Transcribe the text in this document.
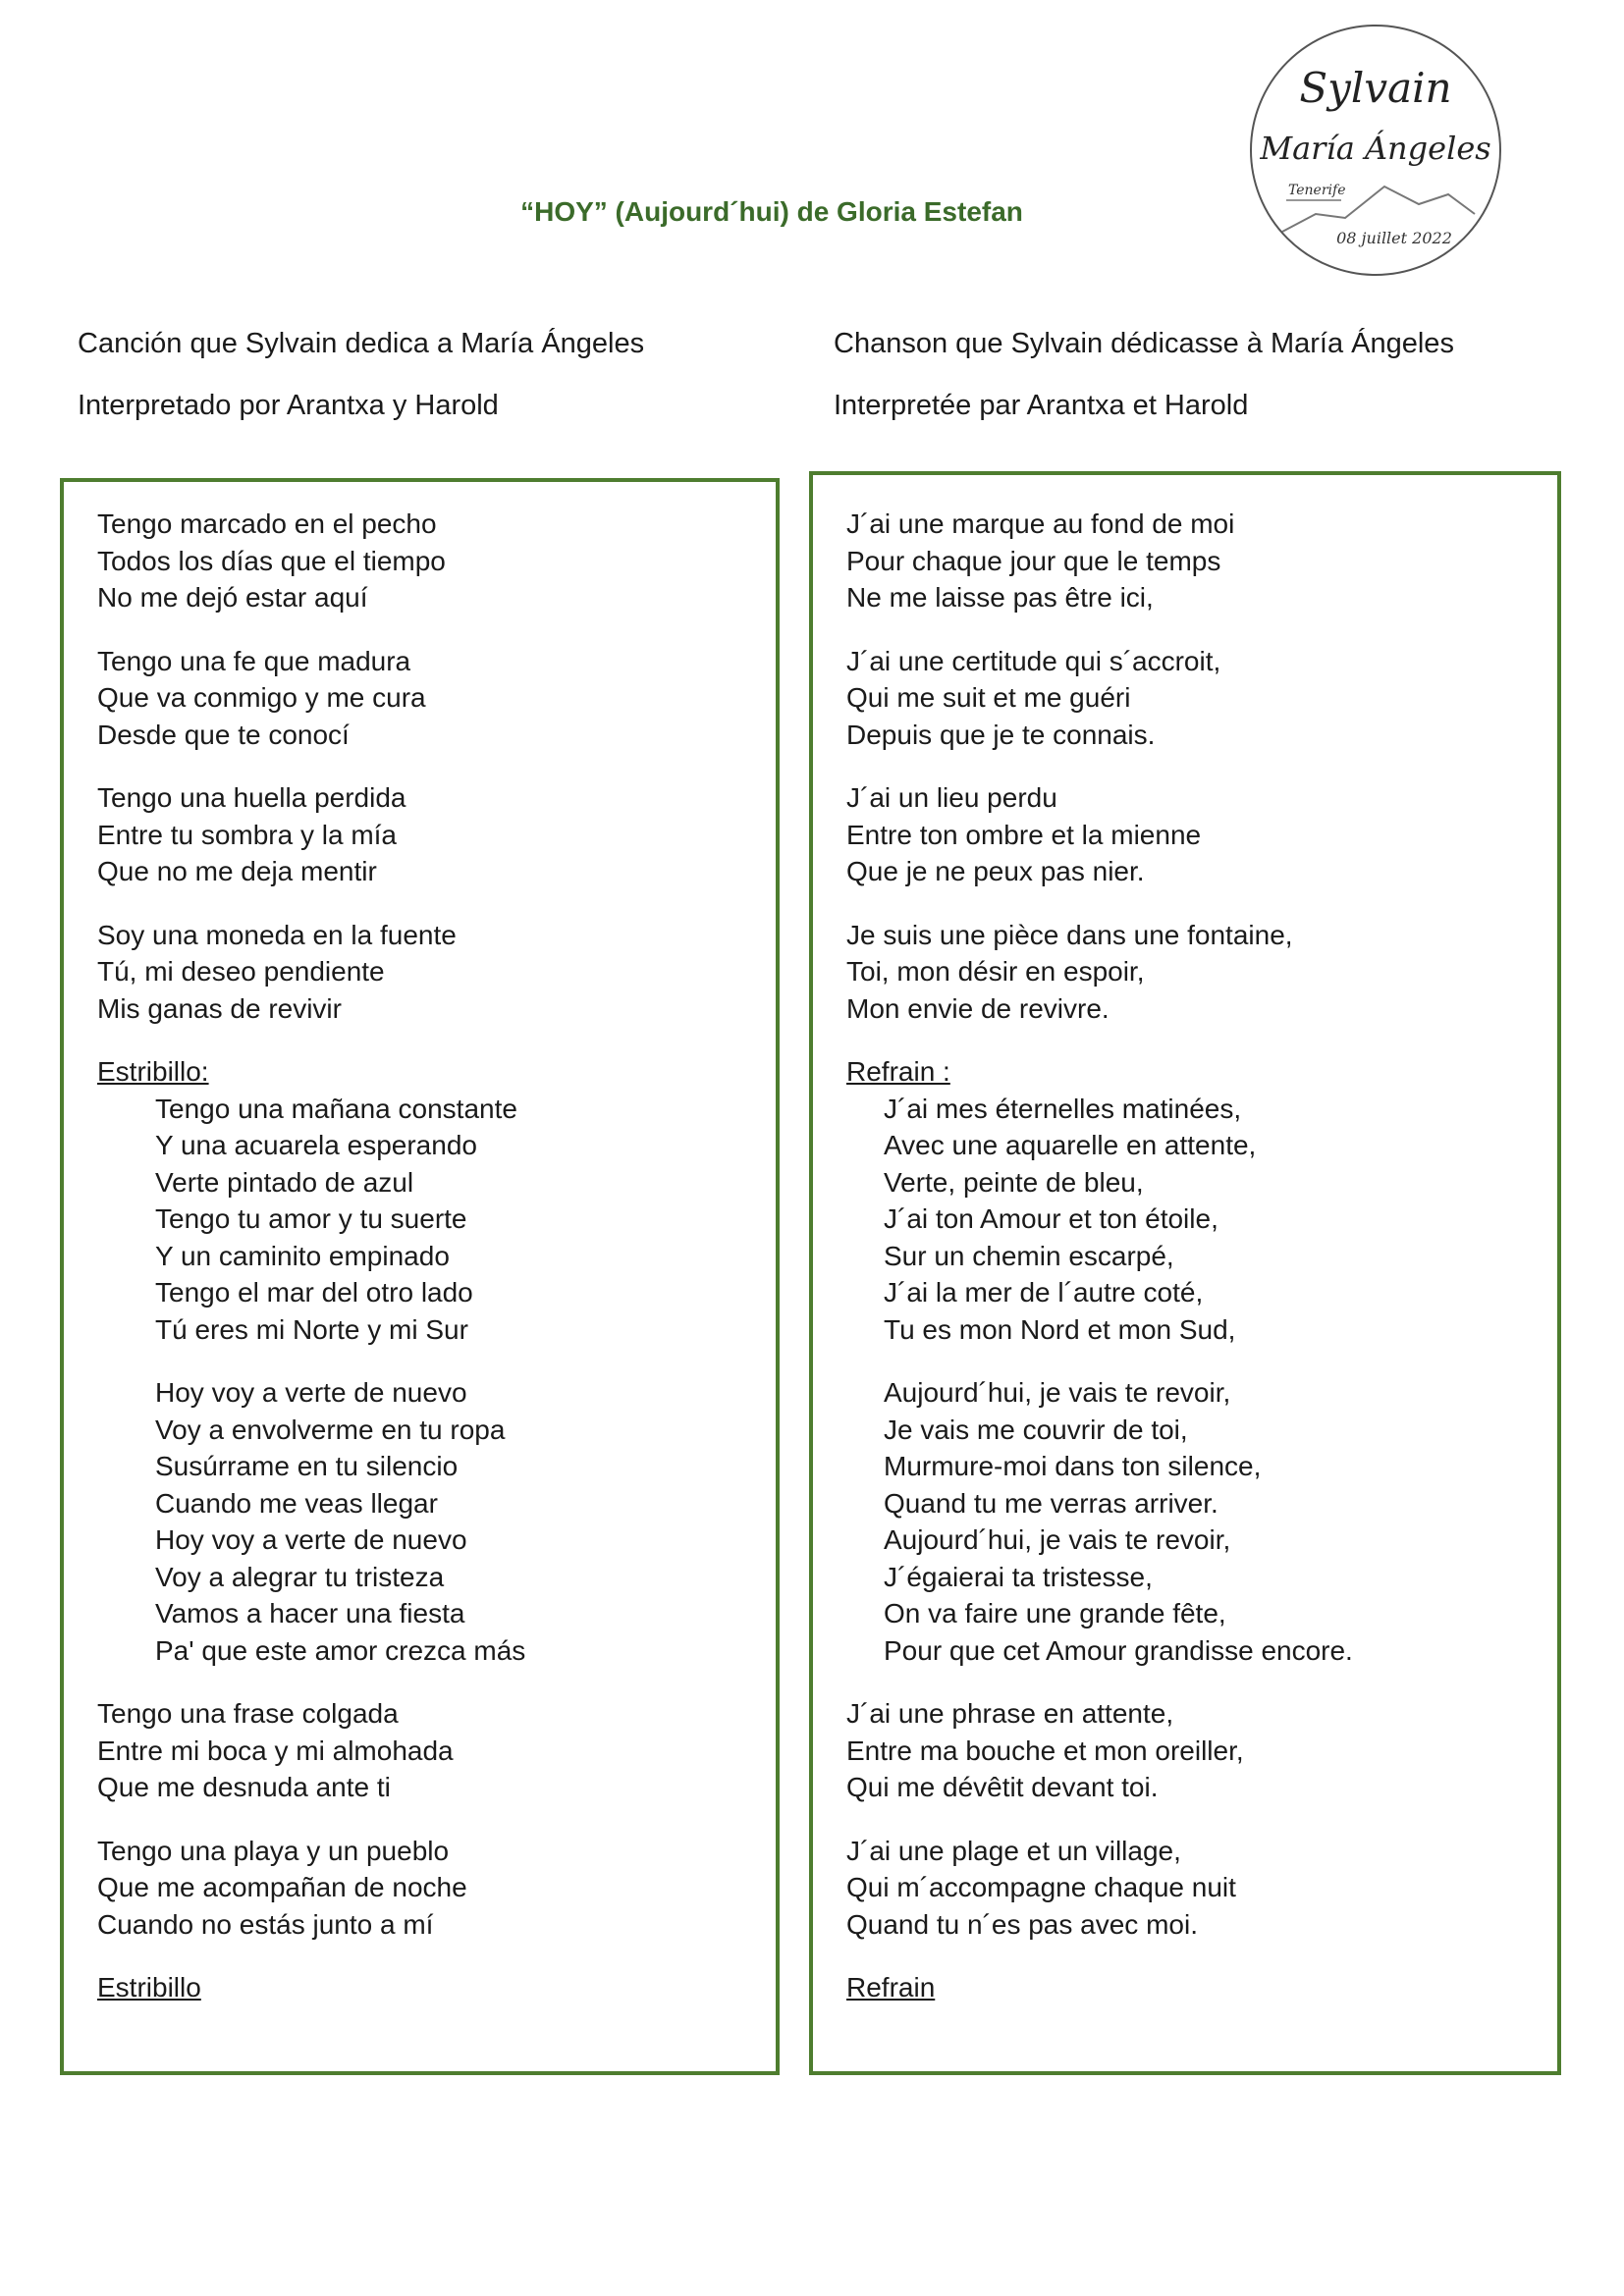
“HOY” (Aujourd´hui) de Gloria Estefan
Sylvain
María Ángeles
Tenerife
08 juillet 2022
Canción que Sylvain dedica a María Ángeles
Interpretado por Arantxa y Harold
Chanson que Sylvain dédicasse à María Ángeles
Interpretée par Arantxa et Harold
Tengo marcado en el pecho
Todos los días que el tiempo
No me dejó estar aquí
Tengo una fe que madura
Que va conmigo y me cura
Desde que te conocí
Tengo una huella perdida
Entre tu sombra y la mía
Que no me deja mentir
Soy una moneda en la fuente
Tú, mi deseo pendiente
Mis ganas de revivir
Estribillo:
Tengo una mañana constante
Y una acuarela esperando
Verte pintado de azul
Tengo tu amor y tu suerte
Y un caminito empinado
Tengo el mar del otro lado
Tú eres mi Norte y mi Sur
Hoy voy a verte de nuevo
Voy a envolverme en tu ropa
Susúrrame en tu silencio
Cuando me veas llegar
Hoy voy a verte de nuevo
Voy a alegrar tu tristeza
Vamos a hacer una fiesta
Pa' que este amor crezca más
Tengo una frase colgada
Entre mi boca y mi almohada
Que me desnuda ante ti
Tengo una playa y un pueblo
Que me acompañan de noche
Cuando no estás junto a mí
Estribillo
J´ai une marque au fond de moi
Pour chaque jour que le temps
Ne me laisse pas être ici,
J´ai une certitude qui s´accroit,
Qui me suit et me guéri
Depuis que je te connais.
J´ai un lieu perdu
Entre ton ombre et la mienne
Que je ne peux pas nier.
Je suis une pièce dans une fontaine,
Toi, mon désir en espoir,
Mon envie de revivre.
Refrain :
J´ai mes éternelles matinées,
Avec une aquarelle en attente,
Verte, peinte de bleu,
J´ai ton Amour et ton étoile,
Sur un chemin escarpé,
J´ai la mer de l´autre coté,
Tu es mon Nord et mon Sud,
Aujourd´hui, je vais te revoir,
Je vais me couvrir de toi,
Murmure-moi dans ton silence,
Quand tu me verras arriver.
Aujourd´hui, je vais te revoir,
J´égaierai ta tristesse,
On va faire une grande fête,
Pour que cet Amour grandisse encore.
J´ai une phrase en attente,
Entre ma bouche et mon oreiller,
Qui me dévêtit devant toi.
J´ai une plage et un village,
Qui m´accompagne chaque nuit
Quand tu n´es pas avec moi.
Refrain
